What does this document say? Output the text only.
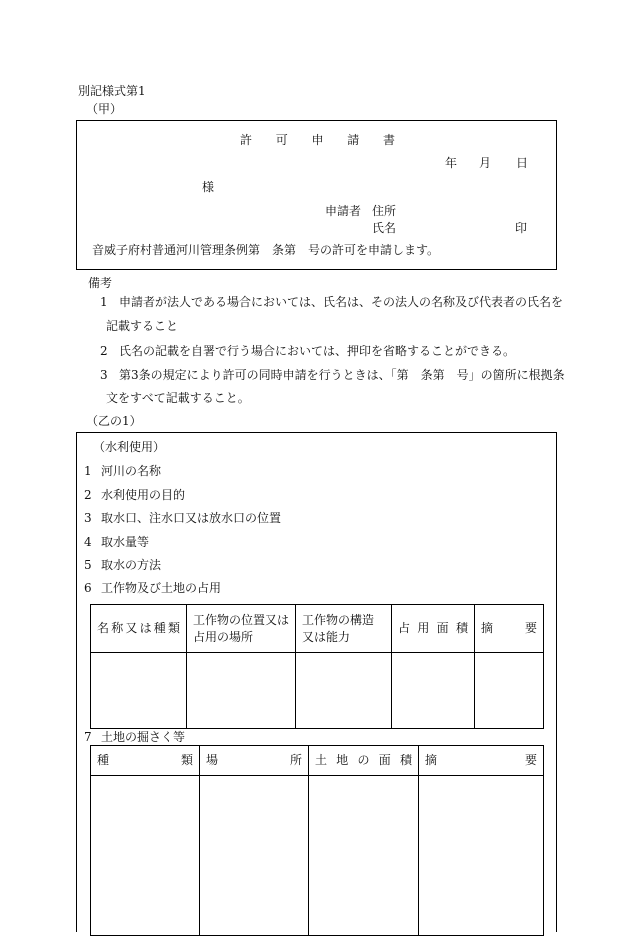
別記様式第1
（甲）
許 可 申 請 書
年 月 日
様
申請者 住所
氏名	印
音威子府村普通河川管理条例第　条第　号の許可を申請します。
備考
1 申請者が法人である場合においては、氏名は、その法人の名称及び代表者の氏名を
記載すること
2 氏名の記載を自署で行う場合においては、押印を省略することができる。
3 第3条の規定により許可の同時申請を行うときは、「第　条第　号」の箇所に根拠条
文をすべて記載すること。
（乙の1）
（水利使用）
1 河川の名称
2 水利使用の目的
3 取水口、注水口又は放水口の位置
4 取水量等
5 取水の方法
6 工作物及び土地の占用
名称又は種類	工作物の位置又は占用の場所	工作物の構造又は能力	占用面積	摘要

7 土地の掘さく等
種類	場所	土地の面積	摘要
